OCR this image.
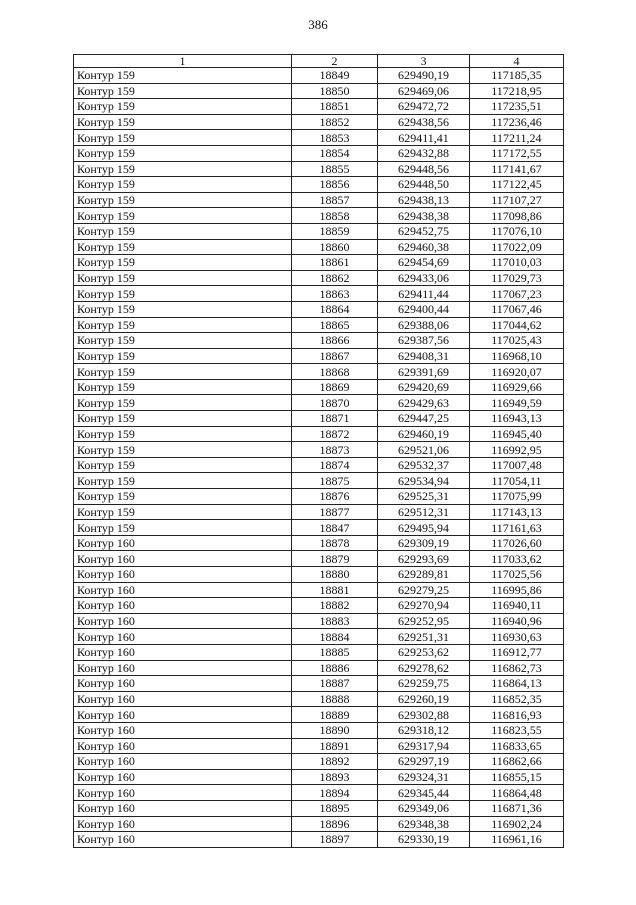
386
1	2	3	4
Контур 159	18849	629490,19	117185,35
Контур 159	18850	629469,06	117218,95
Контур 159	18851	629472,72	117235,51
Контур 159	18852	629438,56	117236,46
Контур 159	18853	629411,41	117211,24
Контур 159	18854	629432,88	117172,55
Контур 159	18855	629448,56	117141,67
Контур 159	18856	629448,50	117122,45
Контур 159	18857	629438,13	117107,27
Контур 159	18858	629438,38	117098,86
Контур 159	18859	629452,75	117076,10
Контур 159	18860	629460,38	117022,09
Контур 159	18861	629454,69	117010,03
Контур 159	18862	629433,06	117029,73
Контур 159	18863	629411,44	117067,23
Контур 159	18864	629400,44	117067,46
Контур 159	18865	629388,06	117044,62
Контур 159	18866	629387,56	117025,43
Контур 159	18867	629408,31	116968,10
Контур 159	18868	629391,69	116920,07
Контур 159	18869	629420,69	116929,66
Контур 159	18870	629429,63	116949,59
Контур 159	18871	629447,25	116943,13
Контур 159	18872	629460,19	116945,40
Контур 159	18873	629521,06	116992,95
Контур 159	18874	629532,37	117007,48
Контур 159	18875	629534,94	117054,11
Контур 159	18876	629525,31	117075,99
Контур 159	18877	629512,31	117143,13
Контур 159	18847	629495,94	117161,63
Контур 160	18878	629309,19	117026,60
Контур 160	18879	629293,69	117033,62
Контур 160	18880	629289,81	117025,56
Контур 160	18881	629279,25	116995,86
Контур 160	18882	629270,94	116940,11
Контур 160	18883	629252,95	116940,96
Контур 160	18884	629251,31	116930,63
Контур 160	18885	629253,62	116912,77
Контур 160	18886	629278,62	116862,73
Контур 160	18887	629259,75	116864,13
Контур 160	18888	629260,19	116852,35
Контур 160	18889	629302,88	116816,93
Контур 160	18890	629318,12	116823,55
Контур 160	18891	629317,94	116833,65
Контур 160	18892	629297,19	116862,66
Контур 160	18893	629324,31	116855,15
Контур 160	18894	629345,44	116864,48
Контур 160	18895	629349,06	116871,36
Контур 160	18896	629348,38	116902,24
Контур 160	18897	629330,19	116961,16
